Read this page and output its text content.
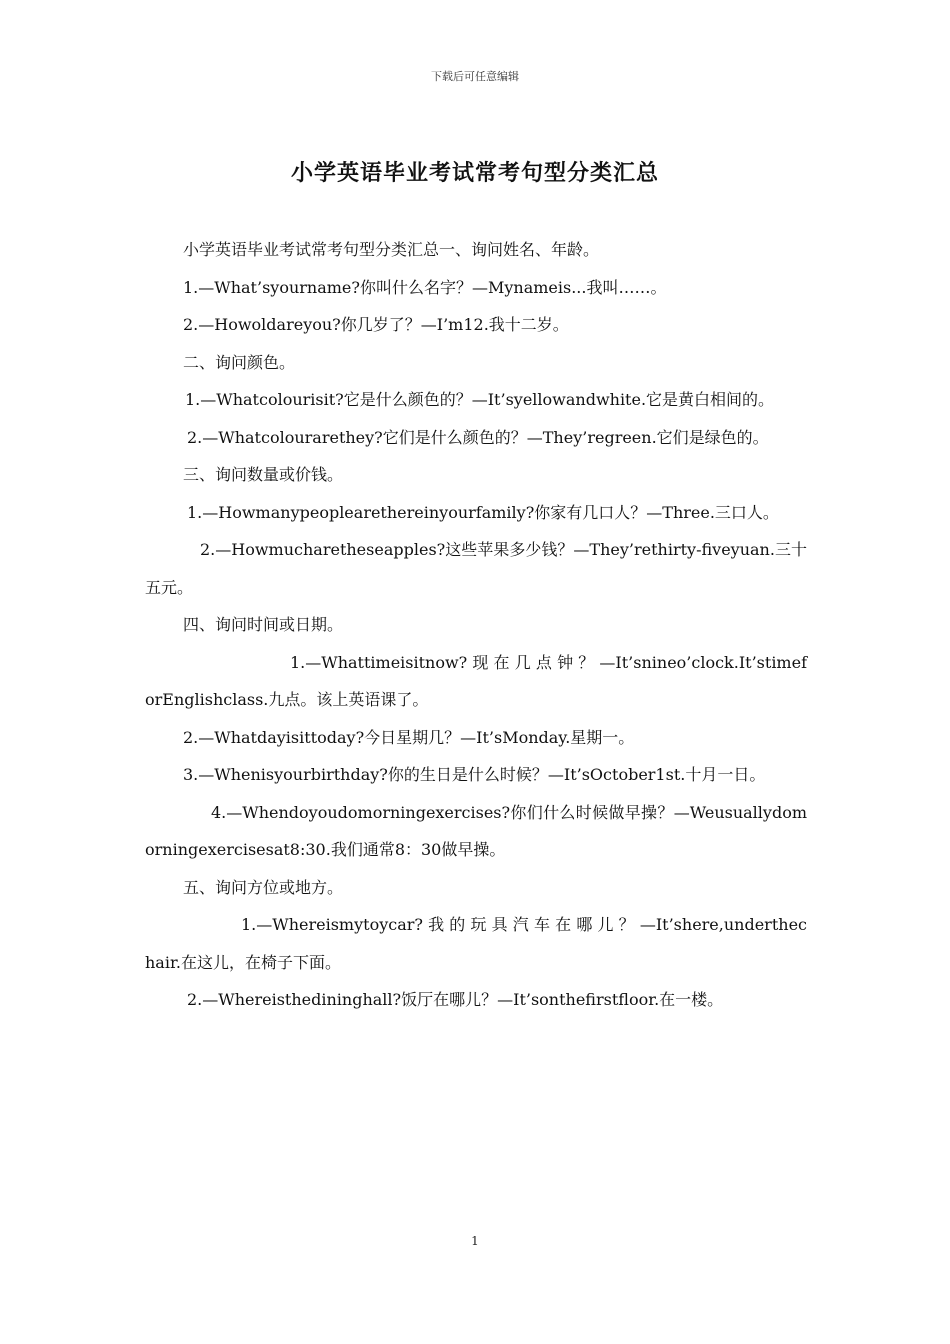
下载后可任意编辑
小学英语毕业考试常考句型分类汇总

小学英语毕业考试常考句型分类汇总一、询问姓名、年龄。

1.—What’syourname?你叫什么名字？—Mynameis...我叫……。

2.—Howoldareyou?你几岁了？—I’m12.我十二岁。

二、询问颜色。

1.—Whatcolourisit?它是什么颜色的？—It’syellowandwhite.它是黄白相间的。

2.—Whatcolourarethey?它们是什么颜色的？—They’regreen.它们是绿色的。

三、询问数量或价钱。

1.—Howmanypeoplearethereinyourfamily?你家有几口人？—Three.三口人。

2.—Howmucharetheseapples?这些苹果多少钱？—They’rethirty-fiveyuan.三十五元。

四、询问时间或日期。

1.—Whattimeisitnow? 现 在 几 点 钟 ？ —It’snineo’clock.It’stimeforEnglishclass.九点。该上英语课了。

2.—Whatdayisittoday?今日星期几？—It’sMonday.星期一。

3.—Whenisyourbirthday?你的生日是什么时候？—It’sOctober1st.十月一日。

4.—Whendoyoudomorningexercises?你们什么时候做早操？—Weusuallydomorningexercisesat8:30.我们通常8：30做早操。

五、询问方位或地方。

1.—Whereismytoycar? 我 的 玩 具 汽 车 在 哪 儿 ？ —It’shere,underthechair.在这儿，在椅子下面。

2.—Whereisthedininghall?饭厅在哪儿？—It’sonthefirstfloor.在一楼。

1
